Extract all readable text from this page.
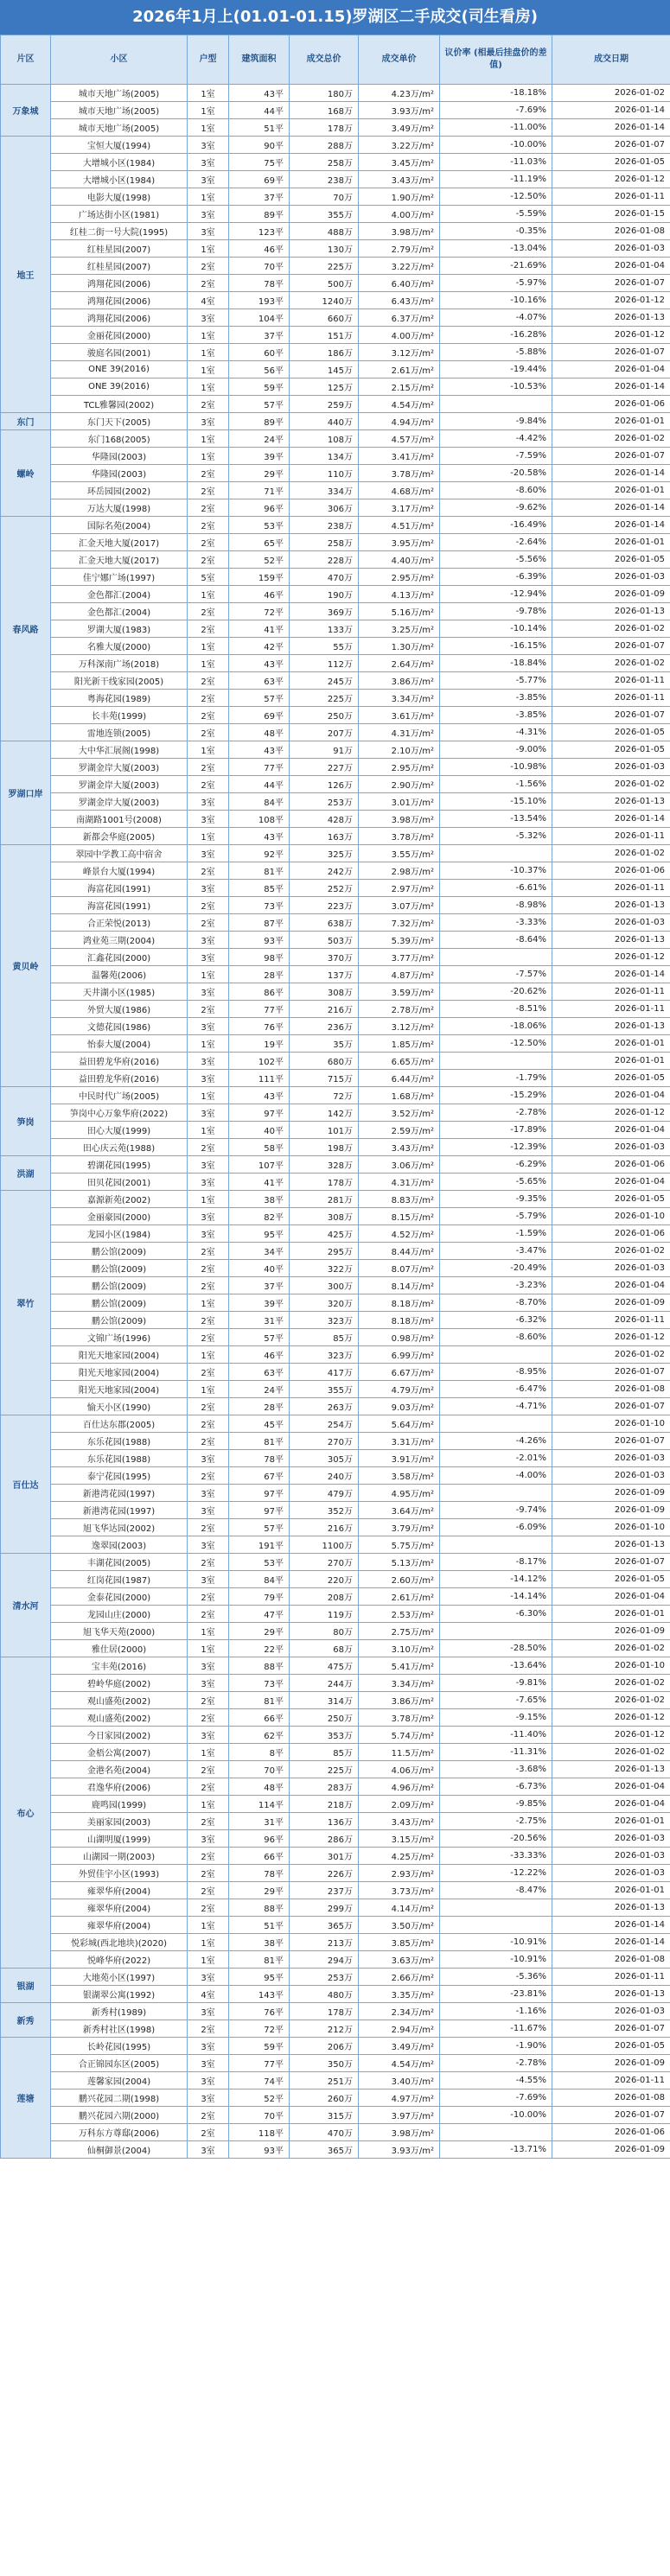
2026年1月上(01.01-01.15)罗湖区二手成交(司生看房)
片区	小区	户型	建筑面积	成交总价	成交单价	议价率 (相最后挂盘价的差值)	成交日期
万象城	城市天地广场(2005)	1室	43平	180万	4.23万/m²	-18.18%	2026-01-02
	城市天地广场(2005)	1室	44平	168万	3.93万/m²	-7.69%	2026-01-14
	城市天地广场(2005)	1室	51平	178万	3.49万/m²	-11.00%	2026-01-14
地王	宝恒大厦(1994)	3室	90平	288万	3.22万/m²	-10.00%	2026-01-07
	大增城小区(1984)	3室	75平	258万	3.45万/m²	-11.03%	2026-01-05
	大增城小区(1984)	3室	69平	238万	3.43万/m²	-11.19%	2026-01-12
	电影大厦(1998)	1室	37平	70万	1.90万/m²	-12.50%	2026-01-11
	广场达街小区(1981)	3室	89平	355万	4.00万/m²	-5.59%	2026-01-15
	红桂二街一号大院(1995)	3室	123平	488万	3.98万/m²	-0.35%	2026-01-08
	红桂星园(2007)	1室	46平	130万	2.79万/m²	-13.04%	2026-01-03
	红桂星园(2007)	2室	70平	225万	3.22万/m²	-21.69%	2026-01-04
	鸿翔花园(2006)	2室	78平	500万	6.40万/m²	-5.97%	2026-01-07
	鸿翔花园(2006)	4室	193平	1240万	6.43万/m²	-10.16%	2026-01-12
	鸿翔花园(2006)	3室	104平	660万	6.37万/m²	-4.07%	2026-01-13
	金丽花园(2000)	1室	37平	151万	4.00万/m²	-16.28%	2026-01-12
	骏庭名园(2001)	1室	60平	186万	3.12万/m²	-5.88%	2026-01-07
	ONE 39(2016)	1室	56平	145万	2.61万/m²	-19.44%	2026-01-04
	ONE 39(2016)	1室	59平	125万	2.15万/m²	-10.53%	2026-01-14
	TCL雅馨园(2002)	2室	57平	259万	4.54万/m²		2026-01-06
东门	东门天下(2005)	3室	89平	440万	4.94万/m²	-9.84%	2026-01-01
螺岭	东门168(2005)	1室	24平	108万	4.57万/m²	-4.42%	2026-01-02
	华隆园(2003)	1室	39平	134万	3.41万/m²	-7.59%	2026-01-07
	华隆园(2003)	2室	29平	110万	3.78万/m²	-20.58%	2026-01-14
	环岳园园(2002)	2室	71平	334万	4.68万/m²	-8.60%	2026-01-01
	万达大厦(1998)	2室	96平	306万	3.17万/m²	-9.62%	2026-01-14
春风路	国际名苑(2004)	2室	53平	238万	4.51万/m²	-16.49%	2026-01-14
	汇金天地大厦(2017)	2室	65平	258万	3.95万/m²	-2.64%	2026-01-01
	汇金天地大厦(2017)	2室	52平	228万	4.40万/m²	-5.56%	2026-01-05
	佳宁娜广场(1997)	5室	159平	470万	2.95万/m²	-6.39%	2026-01-03
	金色都汇(2004)	1室	46平	190万	4.13万/m²	-12.94%	2026-01-09
	金色都汇(2004)	2室	72平	369万	5.16万/m²	-9.78%	2026-01-13
	罗湖大厦(1983)	2室	41平	133万	3.25万/m²	-10.14%	2026-01-02
	名雅大厦(2000)	1室	42平	55万	1.30万/m²	-16.15%	2026-01-07
	万科深南广场(2018)	1室	43平	112万	2.64万/m²	-18.84%	2026-01-02
	阳光新干线家园(2005)	2室	63平	245万	3.86万/m²	-5.77%	2026-01-11
	粤海花园(1989)	2室	57平	225万	3.34万/m²	-3.85%	2026-01-11
	长丰苑(1999)	2室	69平	250万	3.61万/m²	-3.85%	2026-01-07
	雷地连锁(2005)	2室	48平	207万	4.31万/m²	-4.31%	2026-01-05
罗湖口岸	大中华汇展阁(1998)	1室	43平	91万	2.10万/m²	-9.00%	2026-01-05
	罗湖金岸大厦(2003)	2室	77平	227万	2.95万/m²	-10.98%	2026-01-03
	罗湖金岸大厦(2003)	2室	44平	126万	2.90万/m²	-1.56%	2026-01-02
	罗湖金岸大厦(2003)	3室	84平	253万	3.01万/m²	-15.10%	2026-01-13
	南湖路1001号(2008)	3室	108平	428万	3.98万/m²	-13.54%	2026-01-14
	新都会华庭(2005)	1室	43平	163万	3.78万/m²	-5.32%	2026-01-11
黄贝岭	翠园中学教工高中宿舍	3室	92平	325万	3.55万/m²		2026-01-02
	峰景台大厦(1994)	2室	81平	242万	2.98万/m²	-10.37%	2026-01-06
	海富花园(1991)	3室	85平	252万	2.97万/m²	-6.61%	2026-01-11
	海富花园(1991)	2室	73平	223万	3.07万/m²	-8.98%	2026-01-13
	合正荣悦(2013)	2室	87平	638万	7.32万/m²	-3.33%	2026-01-03
	鸿业苑三期(2004)	3室	93平	503万	5.39万/m²	-8.64%	2026-01-13
	汇鑫花园(2000)	3室	98平	370万	3.77万/m²		2026-01-12
	温馨苑(2006)	1室	28平	137万	4.87万/m²	-7.57%	2026-01-14
	天井湖小区(1985)	3室	86平	308万	3.59万/m²	-20.62%	2026-01-11
	外贸大厦(1986)	2室	77平	216万	2.78万/m²	-8.51%	2026-01-11
	文德花园(1986)	3室	76平	236万	3.12万/m²	-18.06%	2026-01-13
	怡泰大厦(2004)	1室	19平	35万	1.85万/m²	-12.50%	2026-01-01
	益田碧龙华府(2016)	3室	102平	680万	6.65万/m²		2026-01-01
	益田碧龙华府(2016)	3室	111平	715万	6.44万/m²	-1.79%	2026-01-05
笋岗	中民时代广场(2005)	1室	43平	72万	1.68万/m²	-15.29%	2026-01-04
	笋岗中心万象华府(2022)	3室	97平	142万	3.52万/m²	-2.78%	2026-01-12
	田心大厦(1999)	1室	40平	101万	2.59万/m²	-17.89%	2026-01-04
	田心庆云苑(1988)	2室	58平	198万	3.43万/m²	-12.39%	2026-01-03
洪湖	碧湖花园(1995)	3室	107平	328万	3.06万/m²	-6.29%	2026-01-06
	田贝花园(2001)	3室	41平	178万	4.31万/m²	-5.65%	2026-01-04
翠竹	嘉源新苑(2002)	1室	38平	281万	8.83万/m²	-9.35%	2026-01-05
	金丽豪园(2000)	3室	82平	308万	8.15万/m²	-5.79%	2026-01-10
	龙园小区(1984)	3室	95平	425万	4.52万/m²	-1.59%	2026-01-06
	鹏公馆(2009)	2室	34平	295万	8.44万/m²	-3.47%	2026-01-02
	鹏公馆(2009)	2室	40平	322万	8.07万/m²	-20.49%	2026-01-03
	鹏公馆(2009)	2室	37平	300万	8.14万/m²	-3.23%	2026-01-04
	鹏公馆(2009)	1室	39平	320万	8.18万/m²	-8.70%	2026-01-09
	鹏公馆(2009)	2室	31平	323万	8.18万/m²	-6.32%	2026-01-11
	文锦广场(1996)	2室	57平	85万	0.98万/m²	-8.60%	2026-01-12
	阳光天地家园(2004)	1室	46平	323万	6.99万/m²		2026-01-02
	阳光天地家园(2004)	2室	63平	417万	6.67万/m²	-8.95%	2026-01-07
	阳光天地家园(2004)	1室	24平	355万	4.79万/m²	-6.47%	2026-01-08
	愉天小区(1990)	2室	28平	263万	9.03万/m²	-4.71%	2026-01-07
百仕达	百仕达东郡(2005)	2室	45平	254万	5.64万/m²		2026-01-10
	东乐花园(1988)	2室	81平	270万	3.31万/m²	-4.26%	2026-01-07
	东乐花园(1988)	3室	78平	305万	3.91万/m²	-2.01%	2026-01-03
	泰宁花园(1995)	2室	67平	240万	3.58万/m²	-4.00%	2026-01-03
	新港湾花园(1997)	3室	97平	479万	4.95万/m²		2026-01-09
	新港湾花园(1997)	3室	97平	352万	3.64万/m²	-9.74%	2026-01-09
	旭飞华达园(2002)	2室	57平	216万	3.79万/m²	-6.09%	2026-01-10
	逸翠园(2003)	3室	191平	1100万	5.75万/m²		2026-01-13
清水河	丰湖花园(2005)	2室	53平	270万	5.13万/m²	-8.17%	2026-01-07
	红岗花园(1987)	3室	84平	220万	2.60万/m²	-14.12%	2026-01-05
	金泰花园(2000)	2室	79平	208万	2.61万/m²	-14.14%	2026-01-04
	龙园山庄(2000)	2室	47平	119万	2.53万/m²	-6.30%	2026-01-01
	旭飞华天苑(2000)	1室	29平	80万	2.75万/m²		2026-01-09
	雅仕居(2000)	1室	22平	68万	3.10万/m²	-28.50%	2026-01-02
布心	宝丰苑(2016)	3室	88平	475万	5.41万/m²	-13.64%	2026-01-10
	碧岭华庭(2002)	3室	73平	244万	3.34万/m²	-9.81%	2026-01-02
	观山盛苑(2002)	2室	81平	314万	3.86万/m²	-7.65%	2026-01-02
	观山盛苑(2002)	2室	66平	250万	3.78万/m²	-9.15%	2026-01-12
	今日家园(2002)	3室	62平	353万	5.74万/m²	-11.40%	2026-01-12
	金梧公寓(2007)	1室	8平	85万	11.5万/m²	-11.31%	2026-01-02
	金港名苑(2004)	2室	70平	225万	4.06万/m²	-3.68%	2026-01-13
	君逸华府(2006)	2室	48平	283万	4.96万/m²	-6.73%	2026-01-04
	鹿鸣园(1999)	1室	114平	218万	2.09万/m²	-9.85%	2026-01-04
	美丽家园(2003)	2室	31平	136万	3.43万/m²	-2.75%	2026-01-01
	山湖明厦(1999)	3室	96平	286万	3.15万/m²	-20.56%	2026-01-03
	山湖园一期(2003)	2室	66平	301万	4.25万/m²	-33.33%	2026-01-03
	外贸佳宇小区(1993)	2室	78平	226万	2.93万/m²	-12.22%	2026-01-03
	雍翠华府(2004)	2室	29平	237万	3.73万/m²	-8.47%	2026-01-01
	雍翠华府(2004)	2室	88平	299万	4.14万/m²		2026-01-13
	雍翠华府(2004)	1室	51平	365万	3.50万/m²		2026-01-14
	悦彩城(西北地块)(2020)	1室	38平	213万	3.85万/m²	-10.91%	2026-01-14
	悦峰华府(2022)	1室	81平	294万	3.63万/m²	-10.91%	2026-01-08
银湖	大地苑小区(1997)	3室	95平	253万	2.66万/m²	-5.36%	2026-01-11
	银湖翠公寓(1992)	4室	143平	480万	3.35万/m²	-23.81%	2026-01-13
新秀	新秀村(1989)	3室	76平	178万	2.34万/m²	-1.16%	2026-01-03
	新秀村社区(1998)	2室	72平	212万	2.94万/m²	-11.67%	2026-01-07
莲塘	长岭花园(1995)	3室	59平	206万	3.49万/m²	-1.90%	2026-01-05
	合正锦园东区(2005)	3室	77平	350万	4.54万/m²	-2.78%	2026-01-09
	莲馨家园(2004)	3室	74平	251万	3.40万/m²	-4.55%	2026-01-11
	鹏兴花园二期(1998)	3室	52平	260万	4.97万/m²	-7.69%	2026-01-08
	鹏兴花园六期(2000)	2室	70平	315万	3.97万/m²	-10.00%	2026-01-07
	万科东方尊邸(2006)	2室	118平	470万	3.98万/m²		2026-01-06
	仙桐御景(2004)	3室	93平	365万	3.93万/m²	-13.71%	2026-01-09
